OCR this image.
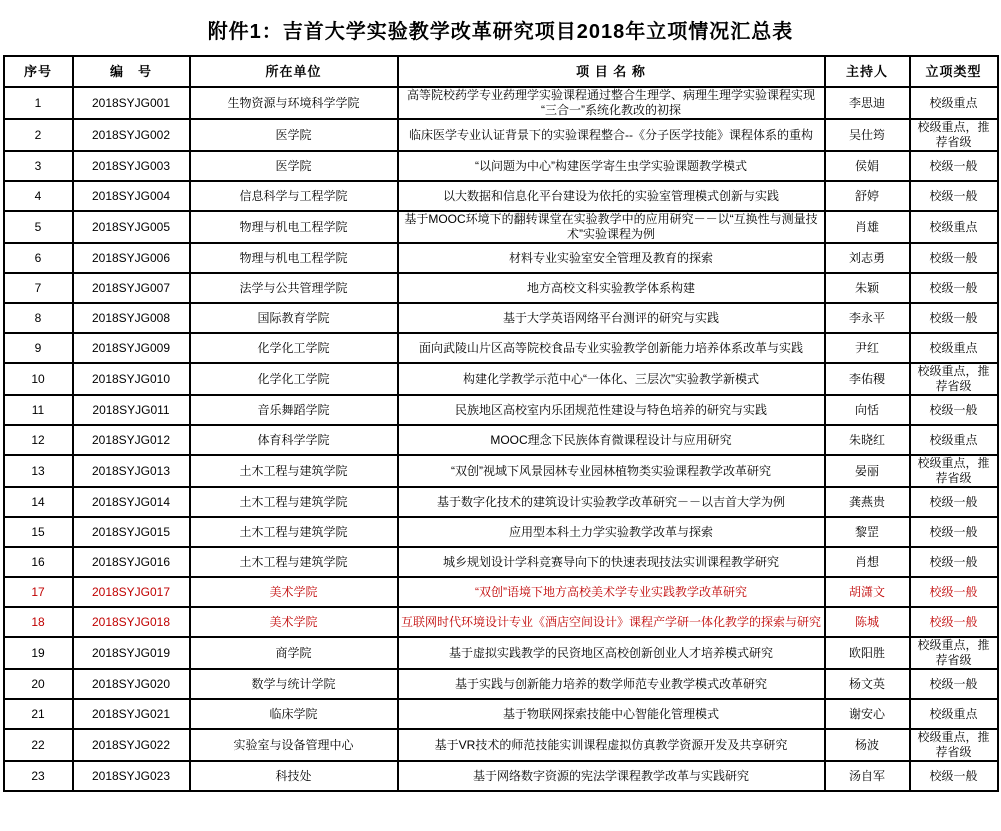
附件1：吉首大学实验教学改革研究项目2018年立项情况汇总表
序号	编　号	所在单位	项 目 名 称	主持人	立项类型
1	2018SYJG001	生物资源与环境科学学院	高等院校药学专业药理学实验课程通过整合生理学、病理生理学实验课程实现“三合一”系统化教改的初探	李思迪	校级重点
2	2018SYJG002	医学院	临床医学专业认证背景下的实验课程整合--《分子医学技能》课程体系的重构	吴仕筠	校级重点，推荐省级
3	2018SYJG003	医学院	“以问题为中心”构建医学寄生虫学实验课题教学模式	侯娟	校级一般
4	2018SYJG004	信息科学与工程学院	以大数据和信息化平台建设为依托的实验室管理模式创新与实践	舒婷	校级一般
5	2018SYJG005	物理与机电工程学院	基于MOOC环境下的翻转课堂在实验教学中的应用研究－－以“互换性与测量技术”实验课程为例	肖雄	校级重点
6	2018SYJG006	物理与机电工程学院	材料专业实验室安全管理及教育的探索	刘志勇	校级一般
7	2018SYJG007	法学与公共管理学院	地方高校文科实验教学体系构建	朱颖	校级一般
8	2018SYJG008	国际教育学院	基于大学英语网络平台测评的研究与实践	李永平	校级一般
9	2018SYJG009	化学化工学院	面向武陵山片区高等院校食品专业实验教学创新能力培养体系改革与实践	尹红	校级重点
10	2018SYJG010	化学化工学院	构建化学教学示范中心“一体化、三层次”实验教学新模式	李佑稷	校级重点，推荐省级
11	2018SYJG011	音乐舞蹈学院	民族地区高校室内乐团规范性建设与特色培养的研究与实践	向恬	校级一般
12	2018SYJG012	体育科学学院	MOOC理念下民族体育微课程设计与应用研究	朱晓红	校级重点
13	2018SYJG013	土木工程与建筑学院	“双创”视域下风景园林专业园林植物类实验课程教学改革研究	晏丽	校级重点，推荐省级
14	2018SYJG014	土木工程与建筑学院	基于数字化技术的建筑设计实验教学改革研究－－以吉首大学为例	龚燕贵	校级一般
15	2018SYJG015	土木工程与建筑学院	应用型本科土力学实验教学改革与探索	黎罡	校级一般
16	2018SYJG016	土木工程与建筑学院	城乡规划设计学科竞赛导向下的快速表现技法实训课程教学研究	肖想	校级一般
17	2018SYJG017	美术学院	“双创”语境下地方高校美术学专业实践教学改革研究	胡潇文	校级一般
18	2018SYJG018	美术学院	互联网时代环境设计专业《酒店空间设计》课程产学研一体化教学的探索与研究	陈城	校级一般
19	2018SYJG019	商学院	基于虚拟实践教学的民资地区高校创新创业人才培养模式研究	欧阳胜	校级重点，推荐省级
20	2018SYJG020	数学与统计学院	基于实践与创新能力培养的数学师范专业教学模式改革研究	杨文英	校级一般
21	2018SYJG021	临床学院	基于物联网探索技能中心智能化管理模式	谢安心	校级重点
22	2018SYJG022	实验室与设备管理中心	基于VR技术的师范技能实训课程虚拟仿真教学资源开发及共享研究	杨波	校级重点，推荐省级
23	2018SYJG023	科技处	基于网络数字资源的宪法学课程教学改革与实践研究	汤自军	校级一般
